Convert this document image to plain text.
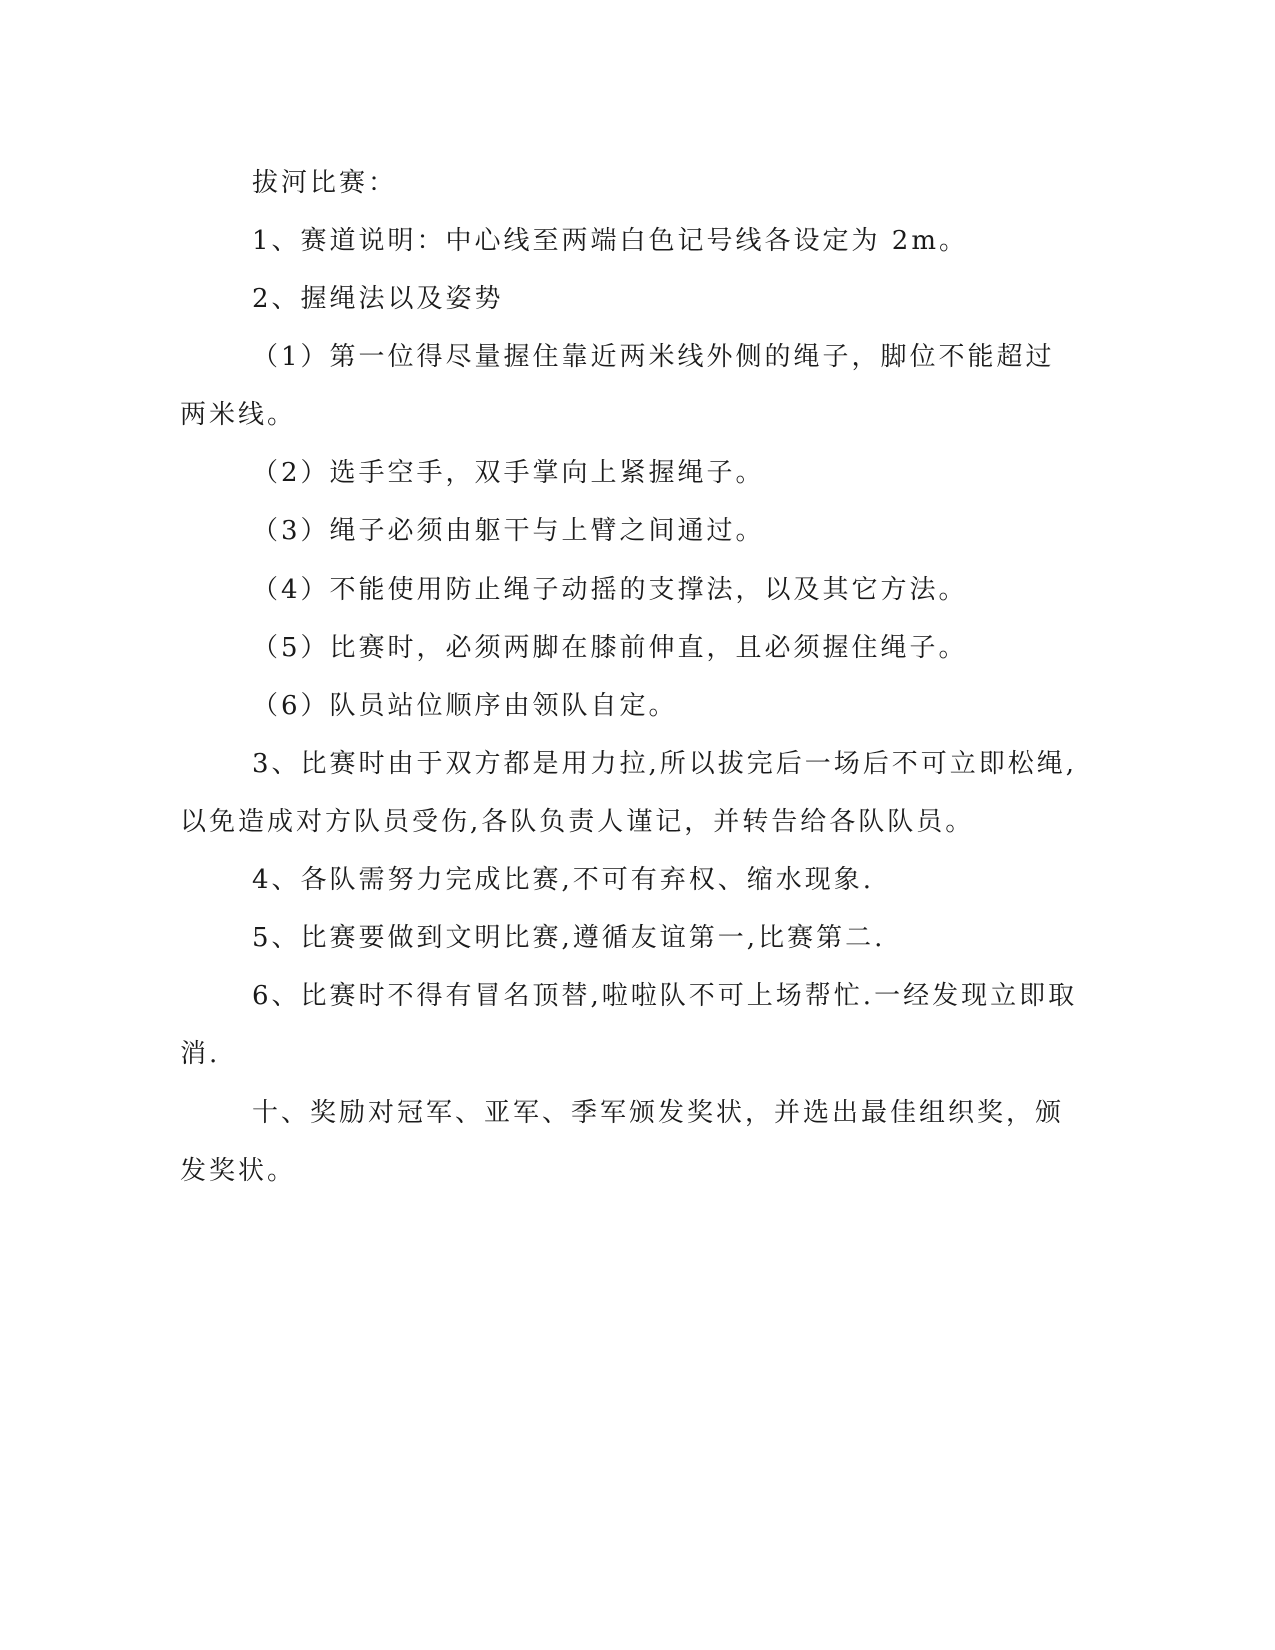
拔河比赛：

1、赛道说明：中心线至两端白色记号线各设定为 2m。

2、握绳法以及姿势

（1）第一位得尽量握住靠近两米线外侧的绳子，脚位不能超过

两米线。

（2）选手空手，双手掌向上紧握绳子。

（3）绳子必须由躯干与上臂之间通过。

（4）不能使用防止绳子动摇的支撑法，以及其它方法。

（5）比赛时，必须两脚在膝前伸直，且必须握住绳子。

（6）队员站位顺序由领队自定。

3、比赛时由于双方都是用力拉,所以拔完后一场后不可立即松绳,

以免造成对方队员受伤,各队负责人谨记，并转告给各队队员。

4、各队需努力完成比赛,不可有弃权、缩水现象.

5、比赛要做到文明比赛,遵循友谊第一,比赛第二.

6、比赛时不得有冒名顶替,啦啦队不可上场帮忙.一经发现立即取

消.

十、奖励对冠军、亚军、季军颁发奖状，并选出最佳组织奖，颁

发奖状。
